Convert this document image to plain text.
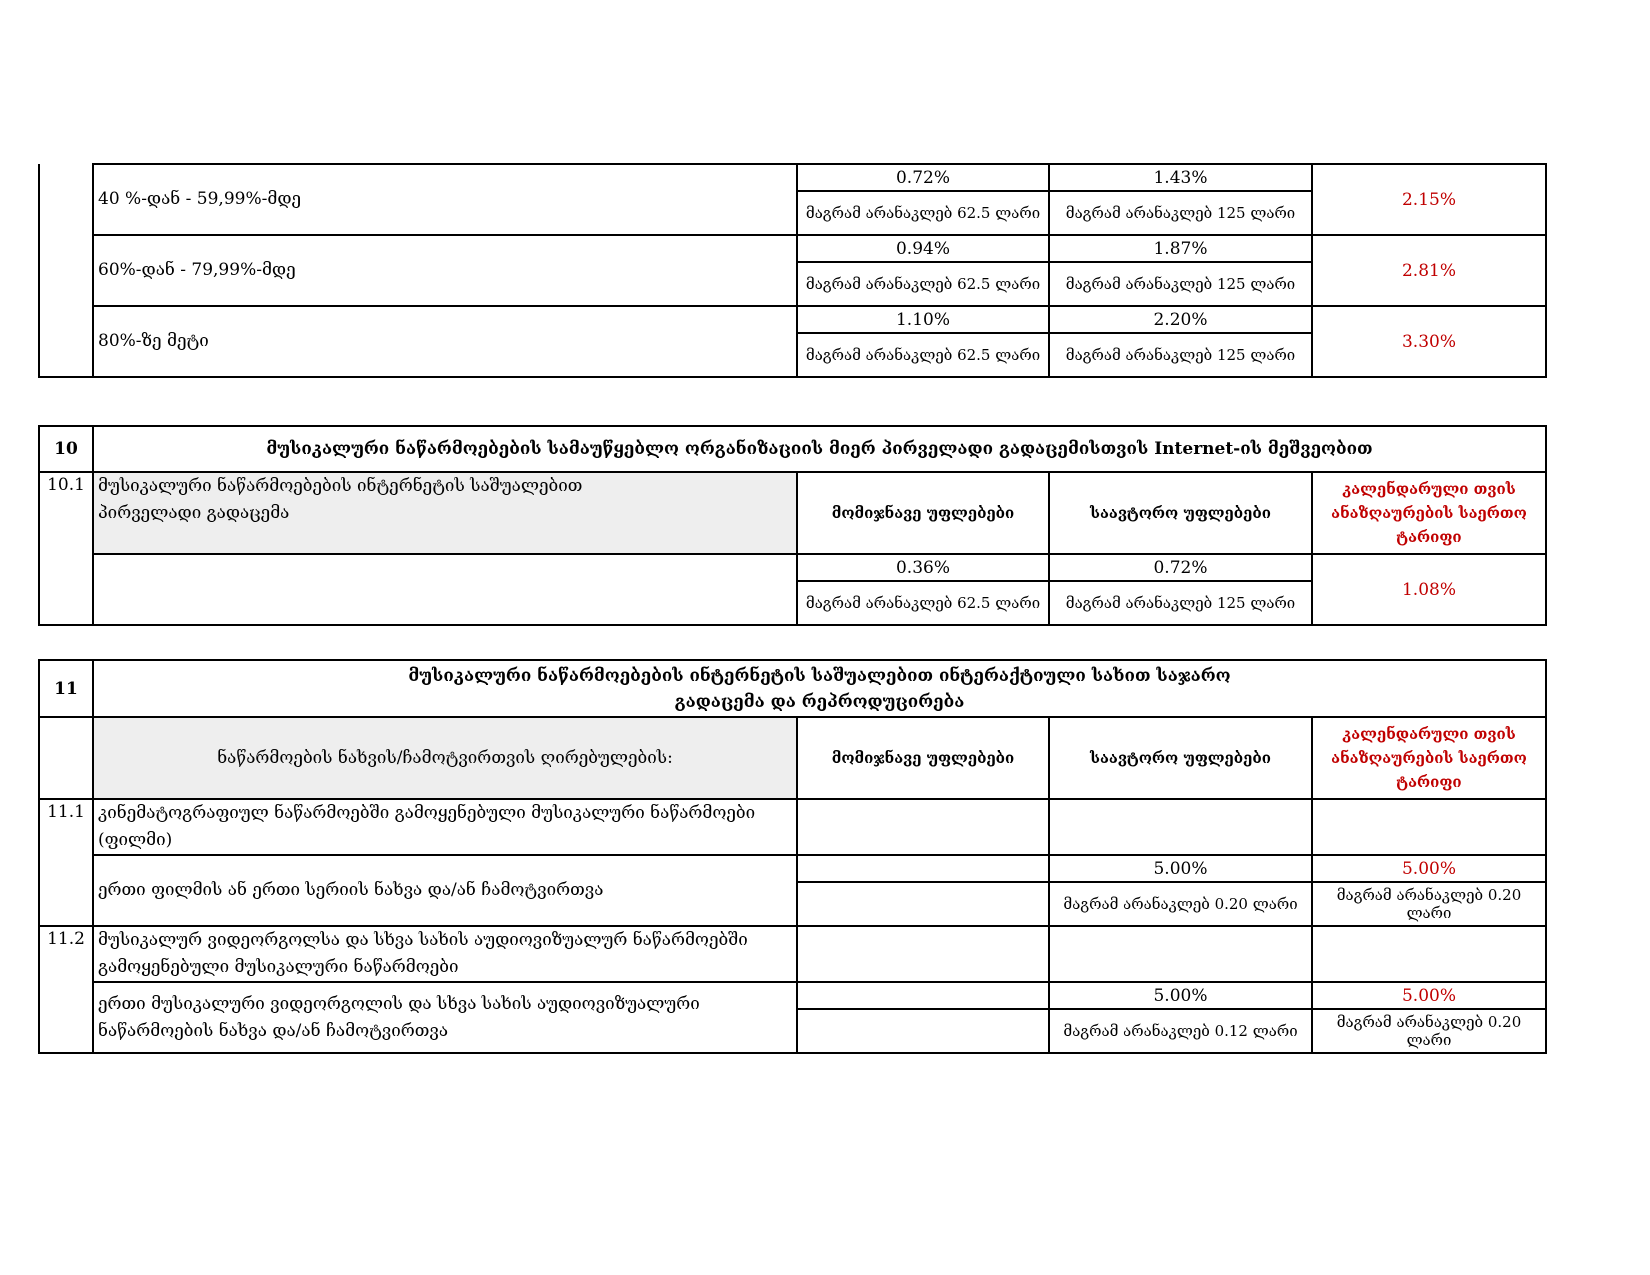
	40 %-დან - 59,99%-მდე	0.72%	1.43%	2.15%
		მაგრამ არანაკლებ 62.5 ლარი	მაგრამ არანაკლებ 125 ლარი	
	60%-დან - 79,99%-მდე	0.94%	1.87%	2.81%
		მაგრამ არანაკლებ 62.5 ლარი	მაგრამ არანაკლებ 125 ლარი	
	80%-ზე მეტი	1.10%	2.20%	3.30%
		მაგრამ არანაკლებ 62.5 ლარი	მაგრამ არანაკლებ 125 ლარი	
10	მუსიკალური ნაწარმოებების სამაუწყებლო ორგანიზაციის მიერ პირველადი გადაცემისთვის Internet-ის მეშვეობით			
10.1	მუსიკალური ნაწარმოებების ინტერნეტის საშუალებით
პირველადი გადაცემა	მომიჯნავე უფლებები	საავტორო უფლებები	კალენდარული თვის ანაზღაურების საერთო ტარიფი
		0.36%	0.72%	1.08%
		მაგრამ არანაკლებ 62.5 ლარი	მაგრამ არანაკლებ 125 ლარი	
11	მუსიკალური ნაწარმოებების ინტერნეტის საშუალებით ინტერაქტიული სახით საჯარო
გადაცემა და რეპროდუცირება			

	ნაწარმოების ნახვის/ჩამოტვირთვის ღირებულების:	მომიჯნავე უფლებები	საავტორო უფლებები	კალენდარული თვის ანაზღაურების საერთო ტარიფი
11.1	კინემატოგრაფიულ ნაწარმოებში გამოყენებული მუსიკალური ნაწარმოები
(ფილმი)			

	ერთი ფილმის ან ერთი სერიის ნახვა და/ან ჩამოტვირთვა		5.00%	5.00%
			მაგრამ არანაკლებ 0.20 ლარი	მაგრამ არანაკლებ 0.20 ლარი
11.2	მუსიკალურ ვიდეორგოლსა და სხვა სახის აუდიოვიზუალურ ნაწარმოებში
გამოყენებული მუსიკალური ნაწარმოები			

	ერთი მუსიკალური ვიდეორგოლის და სხვა სახის აუდიოვიზუალური
ნაწარმოების ნახვა და/ან ჩამოტვირთვა		5.00%	5.00%
			მაგრამ არანაკლებ 0.12 ლარი	მაგრამ არანაკლებ 0.20 ლარი
